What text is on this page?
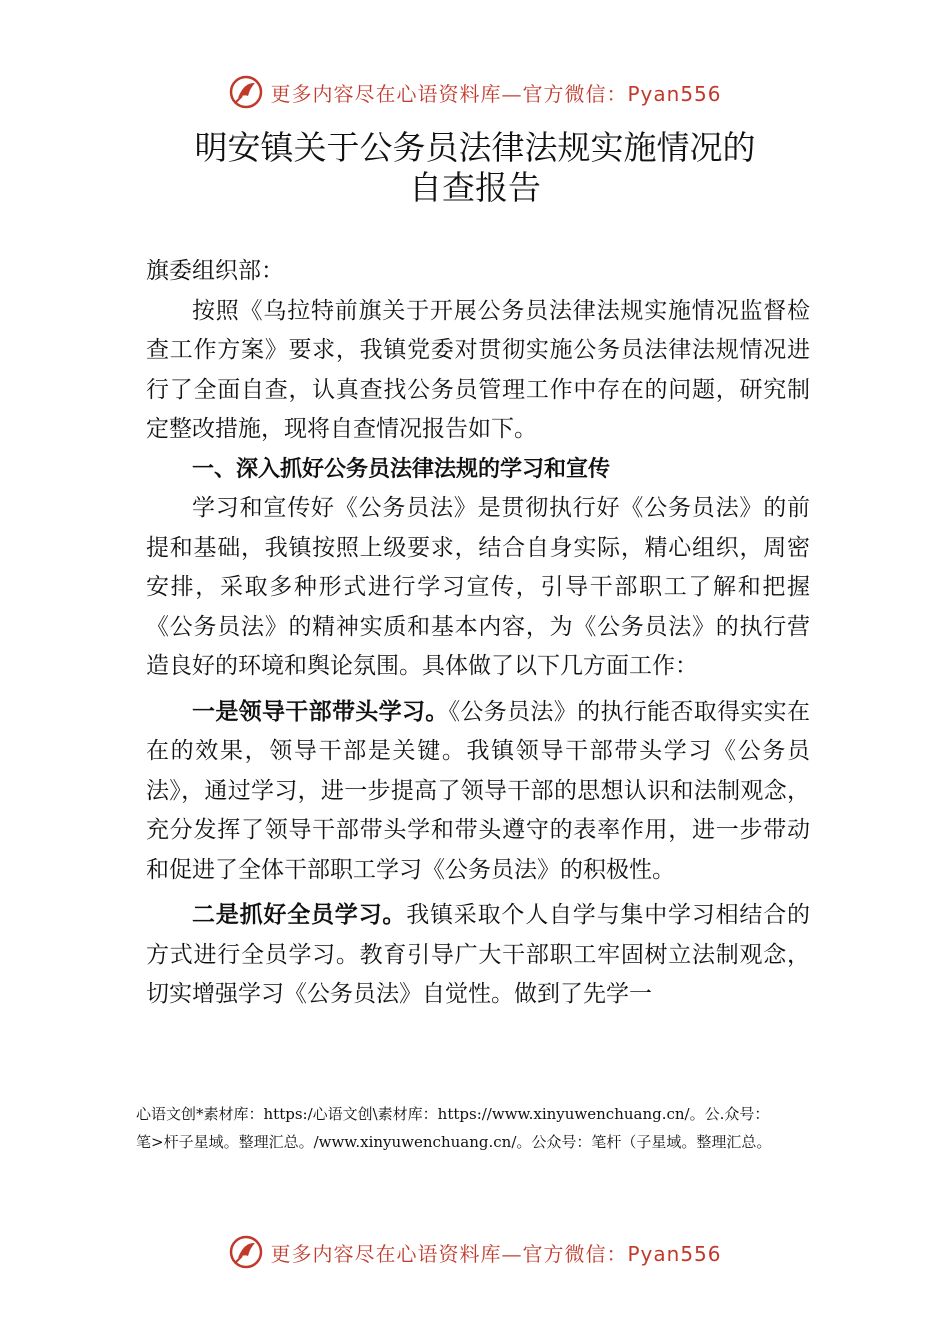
更多内容尽在心语资料库—官方微信：Pyan556
明安镇关于公务员法律法规实施情况的
自查报告

旗委组织部：

按照《乌拉特前旗关于开展公务员法律法规实施情况监督检查工作方案》要求，我镇党委对贯彻实施公务员法律法规情况进行了全面自查，认真查找公务员管理工作中存在的问题，研究制定整改措施，现将自查情况报告如下。

一、深入抓好公务员法律法规的学习和宣传

学习和宣传好《公务员法》是贯彻执行好《公务员法》的前提和基础，我镇按照上级要求，结合自身实际，精心组织，周密安排，采取多种形式进行学习宣传，引导干部职工了解和把握《公务员法》的精神实质和基本内容，为《公务员法》的执行营造良好的环境和舆论氛围。具体做了以下几方面工作：

一是领导干部带头学习。《公务员法》的执行能否取得实实在在的效果，领导干部是关键。我镇领导干部带头学习《公务员法》，通过学习，进一步提高了领导干部的思想认识和法制观念，充分发挥了领导干部带头学和带头遵守的表率作用，进一步带动和促进了全体干部职工学习《公务员法》的积极性。

二是抓好全员学习。我镇采取个人自学与集中学习相结合的方式进行全员学习。教育引导广大干部职工牢固树立法制观念，切实增强学习《公务员法》自觉性。做到了先学一

心语文创*素材库：https:/心语文创\素材库：https://www.xinyuwenchuang.cn/。公.众号：
笔>杆子星域。整理汇总。/www.xinyuwenchuang.cn/。公众号：笔杆（子星域。整理汇总。
更多内容尽在心语资料库—官方微信：Pyan556
